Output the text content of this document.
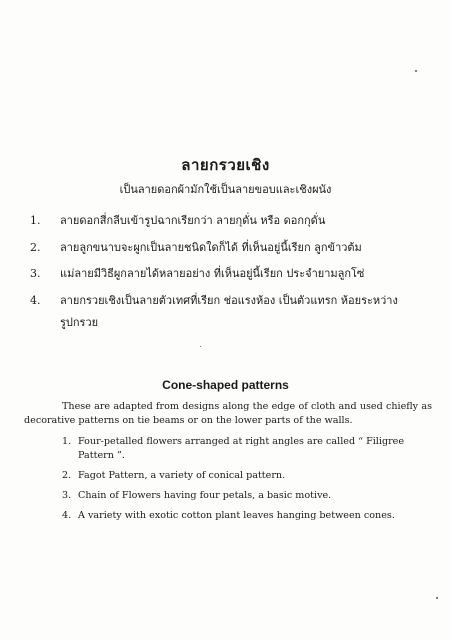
ลายกรวยเชิง
เป็นลายดอกผ้ามักใช้เป็นลายขอบและเชิงผนัง
1. ลายดอกสี่กลีบเข้ารูปฉากเรียกว่า ลายกุดั่น หรือ ดอกกุดั่น
2. ลายลูกขนาบจะผูกเป็นลายชนิดใดก็ได้ ที่เห็นอยู่นี้เรียก ลูกข้าวต้ม
3. แม่ลายมีวิธีผูกลายได้หลายอย่าง ที่เห็นอยู่นี้เรียก ประจำยามลูกโซ่
4. ลายกรวยเชิงเป็นลายตัวเทศที่เรียก ช่อแรงห้อง เป็นตัวแทรก ห้อยระหว่าง
รูปกรวย
Cone-shaped patterns
These are adapted from designs along the edge of cloth and used chiefly as decorative patterns on tie beams or on the lower parts of the walls.
1. Four-petalled flowers arranged at right angles are called “ Filigree Pattern ”.
2. Fagot Pattern, a variety of conical pattern.
3. Chain of Flowers having four petals, a basic motive.
4. A variety with exotic cotton plant leaves hanging between cones.
